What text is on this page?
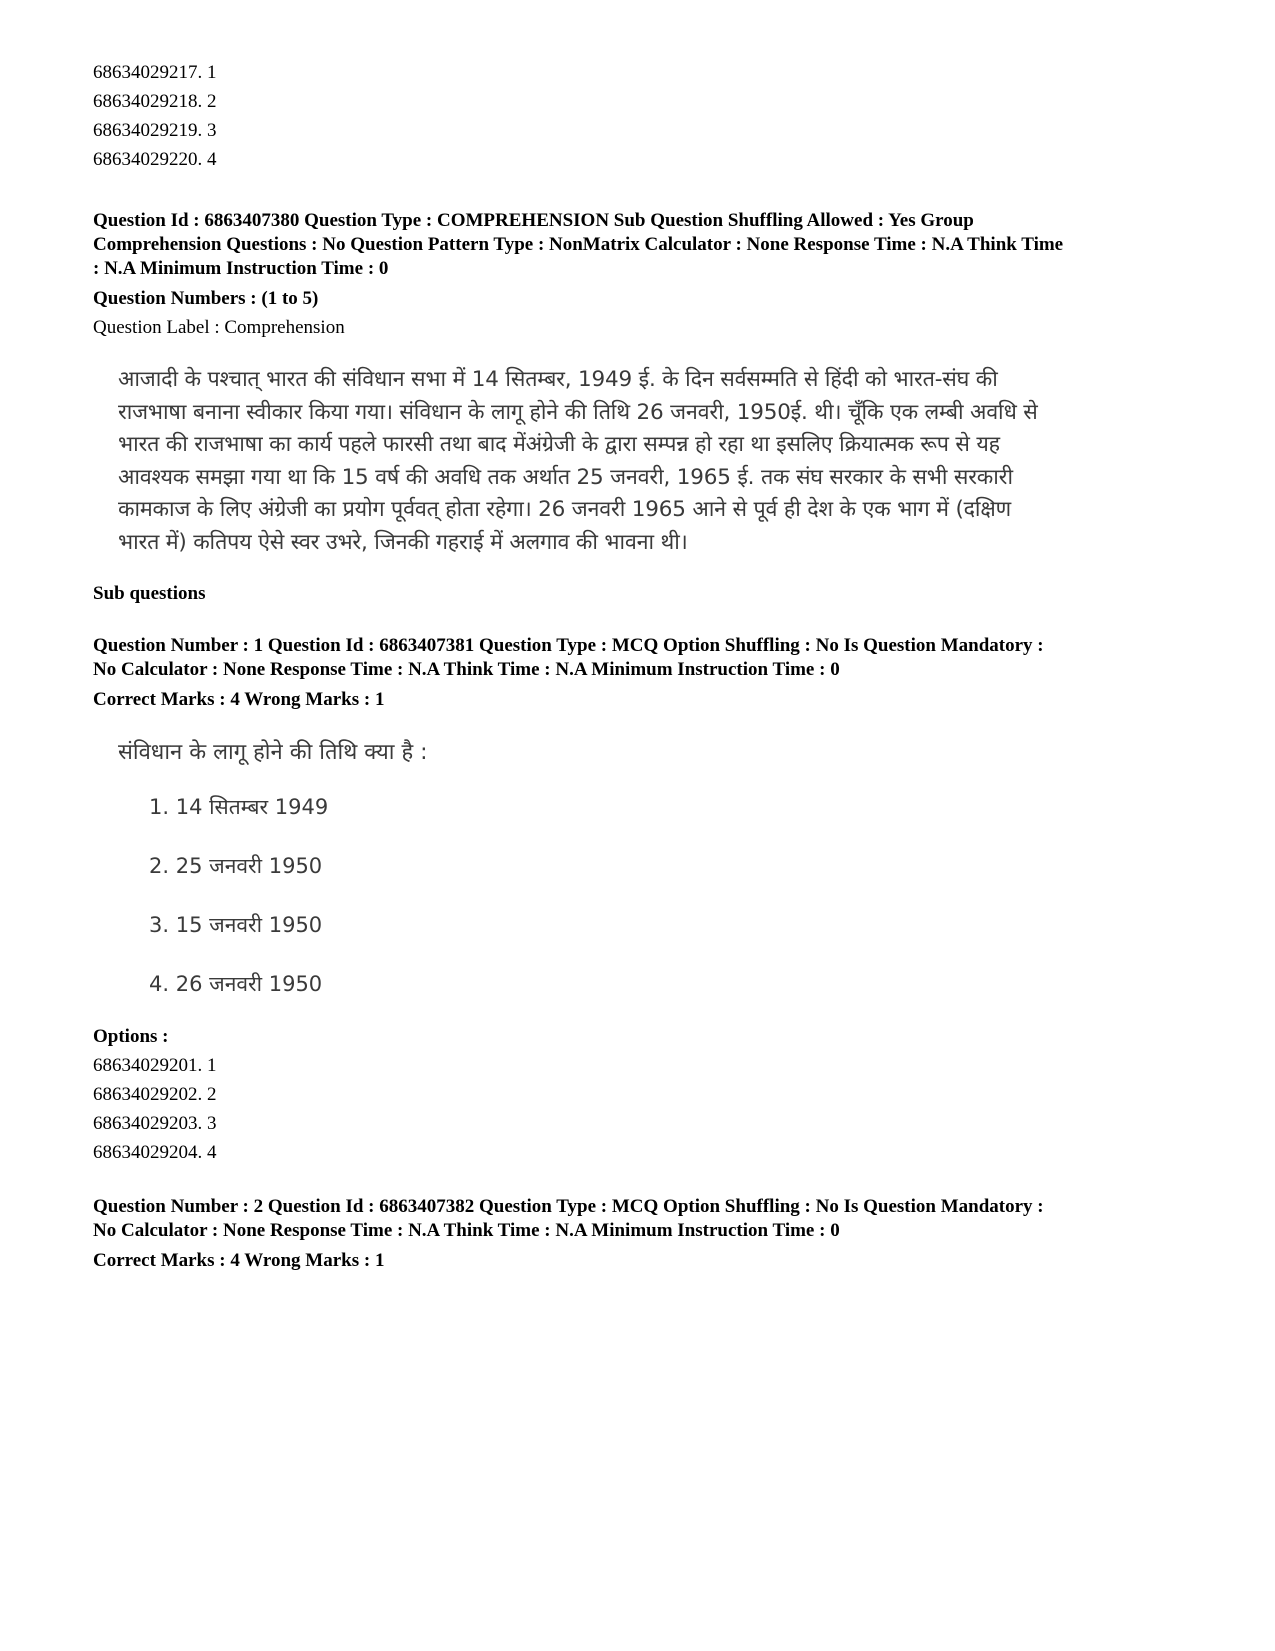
68634029217. 1
68634029218. 2
68634029219. 3
68634029220. 4
Question Id : 6863407380 Question Type : COMPREHENSION Sub Question Shuffling Allowed : Yes Group
Comprehension Questions : No Question Pattern Type : NonMatrix Calculator : None Response Time : N.A Think Time
: N.A Minimum Instruction Time : 0
Question Numbers : (1 to 5)
Question Label : Comprehension
आजादी के पश्चात् भारत की संविधान सभा में 14 सितम्बर, 1949 ई. के दिन सर्वसम्मति से हिंदी को भारत-संघ की
राजभाषा बनाना स्वीकार किया गया। संविधान के लागू होने की तिथि 26 जनवरी, 1950ई. थी। चूँकि एक लम्बी अवधि से
भारत की राजभाषा का कार्य पहले फारसी तथा बाद मेंअंग्रेजी के द्वारा सम्पन्न हो रहा था इसलिए क्रियात्मक रूप से यह
आवश्यक समझा गया था कि 15 वर्ष की अवधि तक अर्थात 25 जनवरी, 1965 ई. तक संघ सरकार के सभी सरकारी
कामकाज के लिए अंग्रेजी का प्रयोग पूर्ववत् होता रहेगा। 26 जनवरी 1965 आने से पूर्व ही देश के एक भाग में (दक्षिण
भारत में) कतिपय ऐसे स्वर उभरे, जिनकी गहराई में अलगाव की भावना थी।
Sub questions
Question Number : 1 Question Id : 6863407381 Question Type : MCQ Option Shuffling : No Is Question Mandatory :
No Calculator : None Response Time : N.A Think Time : N.A Minimum Instruction Time : 0
Correct Marks : 4 Wrong Marks : 1
संविधान के लागू होने की तिथि क्या है :
1. 14 सितम्बर 1949
2. 25 जनवरी 1950
3. 15 जनवरी 1950
4. 26 जनवरी 1950
Options :
68634029201. 1
68634029202. 2
68634029203. 3
68634029204. 4
Question Number : 2 Question Id : 6863407382 Question Type : MCQ Option Shuffling : No Is Question Mandatory :
No Calculator : None Response Time : N.A Think Time : N.A Minimum Instruction Time : 0
Correct Marks : 4 Wrong Marks : 1
